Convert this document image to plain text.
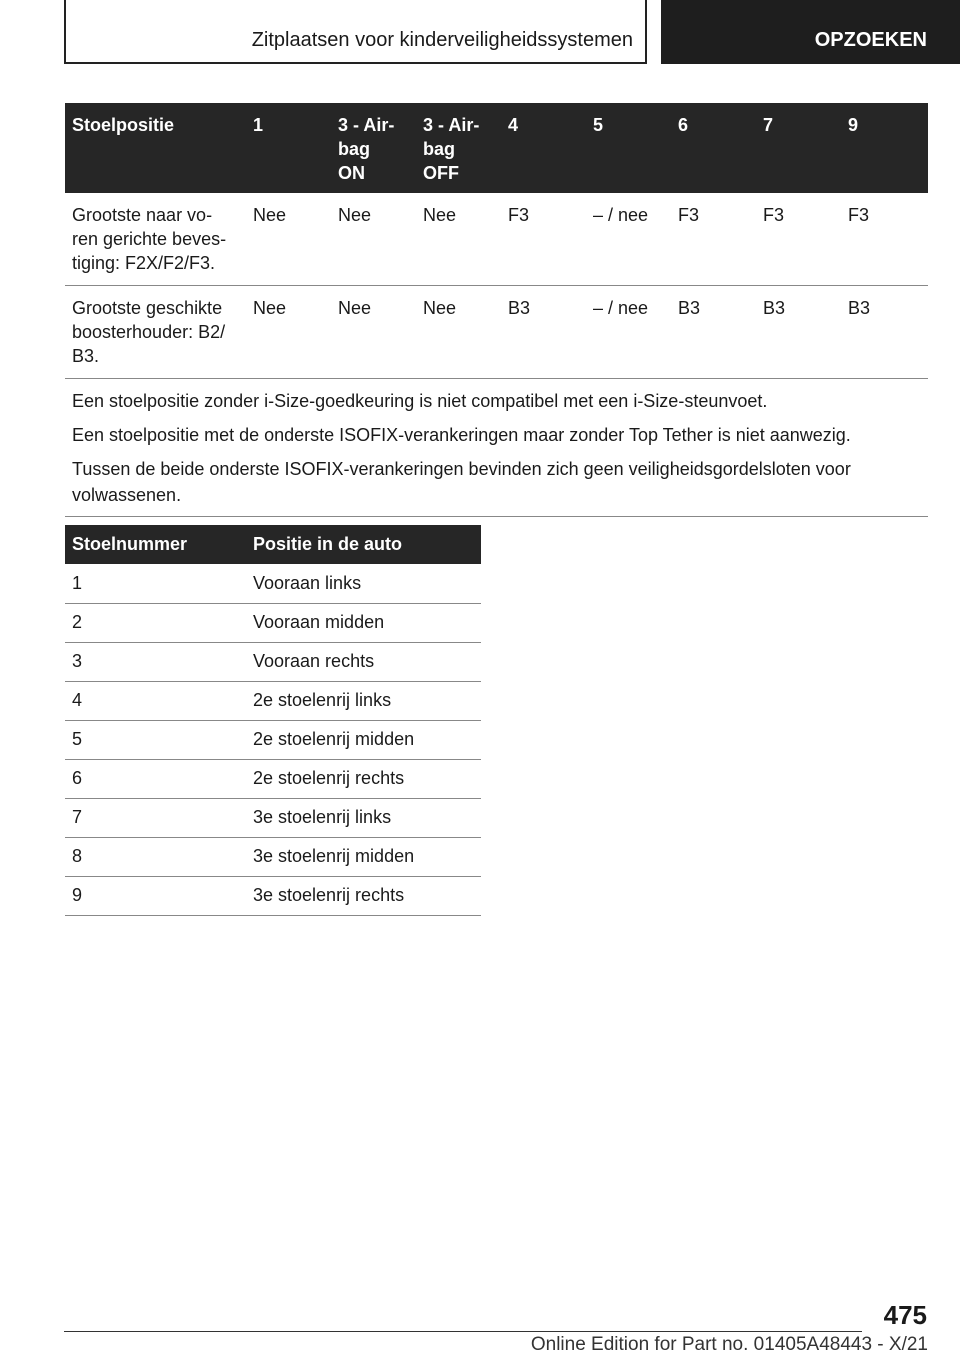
Zitplaatsen voor kinderveiligheidssystemen	OPZOEKEN
Stoelpositie	1	3 - Air-
bag
ON	3 - Air-
bag
OFF	4	5	6	7	9
Grootste naar vo-
ren gerichte beves-
tiging: F2X/F2/F3.	Nee	Nee	Nee	F3	– / nee	F3	F3	F3
Grootste geschikte
boosterhouder: B2/
B3.	Nee	Nee	Nee	B3	– / nee	B3	B3	B3

Een stoelpositie zonder i-Size-goedkeuring is niet compatibel met een i-Size-steunvoet.

Een stoelpositie met de onderste ISOFIX-verankeringen maar zonder Top Tether is niet aanwezig.

Tussen de beide onderste ISOFIX-verankeringen bevinden zich geen veiligheidsgordelsloten voor volwassenen.								

Stoelnummer	Positie in de auto
1	Vooraan links
2	Vooraan midden
3	Vooraan rechts
4	2e stoelenrij links
5	2e stoelenrij midden
6	2e stoelenrij rechts
7	3e stoelenrij links
8	3e stoelenrij midden
9	3e stoelenrij rechts
475
Online Edition for Part no. 01405A48443 - X/21
